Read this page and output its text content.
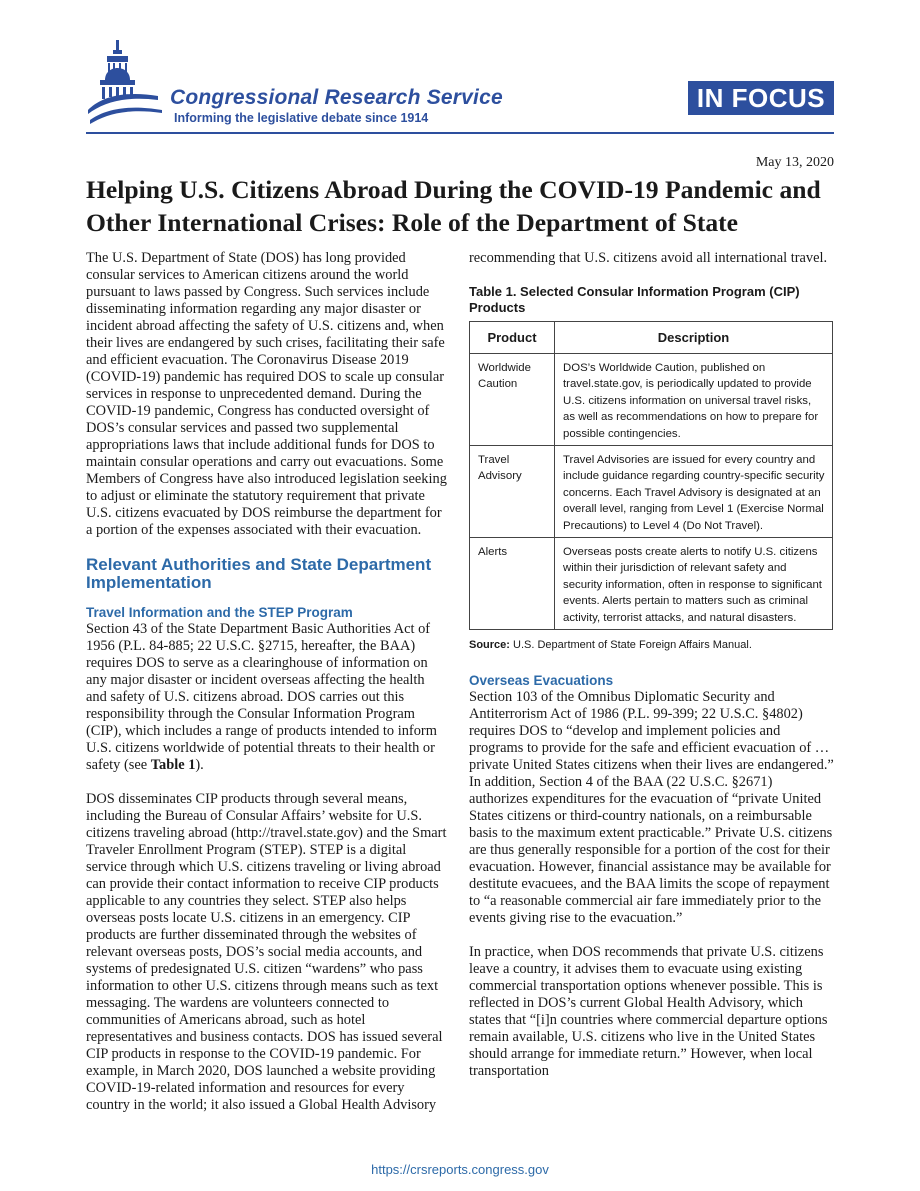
Congressional Research Service
Informing the legislative debate since 1914
IN FOCUS
May 13, 2020
Helping U.S. Citizens Abroad During the COVID-19 Pandemic and Other International Crises: Role of the Department of State

The U.S. Department of State (DOS) has long provided consular services to American citizens around the world pursuant to laws passed by Congress. Such services include disseminating information regarding any major disaster or incident abroad affecting the safety of U.S. citizens and, when their lives are endangered by such crises, facilitating their safe and efficient evacuation. The Coronavirus Disease 2019 (COVID-19) pandemic has required DOS to scale up consular services in response to unprecedented demand. During the COVID-19 pandemic, Congress has conducted oversight of DOS’s consular services and passed two supplemental appropriations laws that include additional funds for DOS to maintain consular operations and carry out evacuations. Some Members of Congress have also introduced legislation seeking to adjust or eliminate the statutory requirement that private U.S. citizens evacuated by DOS reimburse the department for a portion of the expenses associated with their evacuation.

Relevant Authorities and State Department Implementation
Travel Information and the STEP Program

Section 43 of the State Department Basic Authorities Act of 1956 (P.L. 84-885; 22 U.S.C. §2715, hereafter, the BAA) requires DOS to serve as a clearinghouse of information on any major disaster or incident overseas affecting the health and safety of U.S. citizens abroad. DOS carries out this responsibility through the Consular Information Program (CIP), which includes a range of products intended to inform U.S. citizens worldwide of potential threats to their health or safety (see Table 1).

DOS disseminates CIP products through several means, including the Bureau of Consular Affairs’ website for U.S. citizens traveling abroad (http://travel.state.gov) and the Smart Traveler Enrollment Program (STEP). STEP is a digital service through which U.S. citizens traveling or living abroad can provide their contact information to receive CIP products applicable to any countries they select. STEP also helps overseas posts locate U.S. citizens in an emergency. CIP products are further disseminated through the websites of relevant overseas posts, DOS’s social media accounts, and systems of predesignated U.S. citizen “wardens” who pass information to other U.S. citizens through means such as text messaging. The wardens are volunteers connected to communities of Americans abroad, such as hotel representatives and business contacts. DOS has issued several CIP products in response to the COVID-19 pandemic. For example, in March 2020, DOS launched a website providing COVID-19-related information and resources for every country in the world; it also issued a Global Health Advisory

recommending that U.S. citizens avoid all international travel.

Table 1. Selected Consular Information Program (CIP) Products
Product	Description
Worldwide Caution	DOS’s Worldwide Caution, published on travel.state.gov, is periodically updated to provide U.S. citizens information on universal travel risks, as well as recommendations on how to prepare for possible contingencies.
Travel Advisory	Travel Advisories are issued for every country and include guidance regarding country-specific security concerns. Each Travel Advisory is designated at an overall level, ranging from Level 1 (Exercise Normal Precautions) to Level 4 (Do Not Travel).
Alerts	Overseas posts create alerts to notify U.S. citizens within their jurisdiction of relevant safety and security information, often in response to significant events. Alerts pertain to matters such as criminal activity, terrorist attacks, and natural disasters.
Source: U.S. Department of State Foreign Affairs Manual.
Overseas Evacuations

Section 103 of the Omnibus Diplomatic Security and Antiterrorism Act of 1986 (P.L. 99-399; 22 U.S.C. §4802) requires DOS to “develop and implement policies and programs to provide for the safe and efficient evacuation of … private United States citizens when their lives are endangered.” In addition, Section 4 of the BAA (22 U.S.C. §2671) authorizes expenditures for the evacuation of “private United States citizens or third-country nationals, on a reimbursable basis to the maximum extent practicable.” Private U.S. citizens are thus generally responsible for a portion of the cost for their evacuation. However, financial assistance may be available for destitute evacuees, and the BAA limits the scope of repayment to “a reasonable commercial air fare immediately prior to the events giving rise to the evacuation.”

In practice, when DOS recommends that private U.S. citizens leave a country, it advises them to evacuate using existing commercial transportation options whenever possible. This is reflected in DOS’s current Global Health Advisory, which states that “[i]n countries where commercial departure options remain available, U.S. citizens who live in the United States should arrange for immediate return.” However, when local transportation

https://crsreports.congress.gov
